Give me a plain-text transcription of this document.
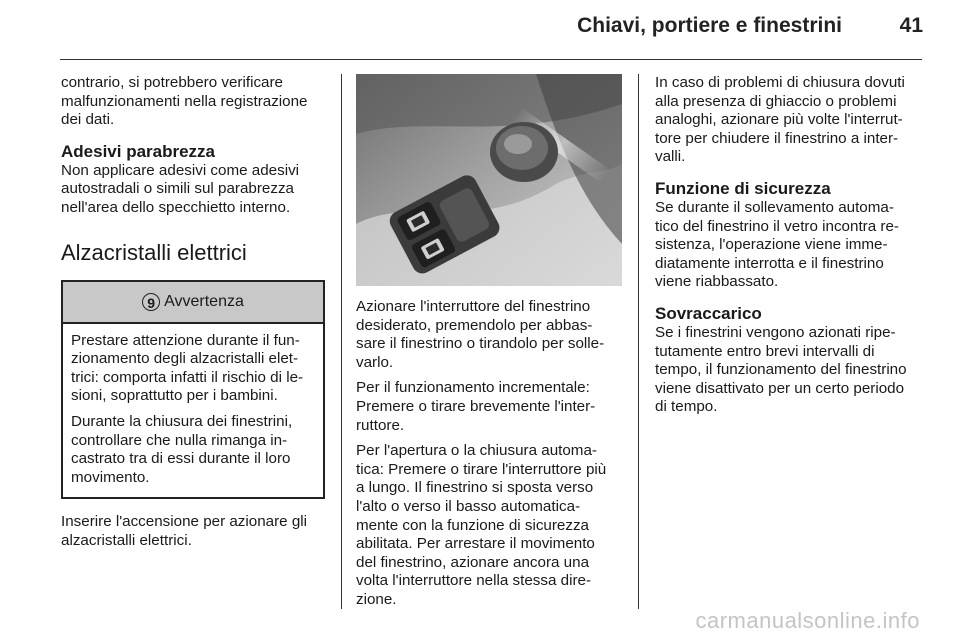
Chiavi, portiere e finestrini	41

contrario, si potrebbero verificare
malfunzionamenti nella registrazione
dei dati.

Adesivi parabrezza

Non applicare adesivi come adesivi
autostradali o simili sul parabrezza
nell'area dello specchietto interno.

Alzacristalli elettrici
9 Avvertenza

Prestare attenzione durante il fun-
zionamento degli alzacristalli elet-
trici: comporta infatti il rischio di le-
sioni, soprattutto per i bambini.

Durante la chiusura dei finestrini,
controllare che nulla rimanga in-
castrato tra di essi durante il loro
movimento.

Inserire l'accensione per azionare gli
alzacristalli elettrici.

Azionare l'interruttore del finestrino
desiderato, premendolo per abbas-
sare il finestrino o tirandolo per solle-
varlo.

Per il funzionamento incrementale:
Premere o tirare brevemente l'inter-
ruttore.

Per l'apertura o la chiusura automa-
tica: Premere o tirare l'interruttore più
a lungo. Il finestrino si sposta verso
l'alto o verso il basso automatica-
mente con la funzione di sicurezza
abilitata. Per arrestare il movimento
del finestrino, azionare ancora una
volta l'interruttore nella stessa dire-
zione.

In caso di problemi di chiusura dovuti
alla presenza di ghiaccio o problemi
analoghi, azionare più volte l'interrut-
tore per chiudere il finestrino a inter-
valli.

Funzione di sicurezza

Se durante il sollevamento automa-
tico del finestrino il vetro incontra re-
sistenza, l'operazione viene imme-
diatamente interrotta e il finestrino
viene riabbassato.

Sovraccarico

Se i finestrini vengono azionati ripe-
tutamente entro brevi intervalli di
tempo, il funzionamento del finestrino
viene disattivato per un certo periodo
di tempo.

carmanualsonline.info
